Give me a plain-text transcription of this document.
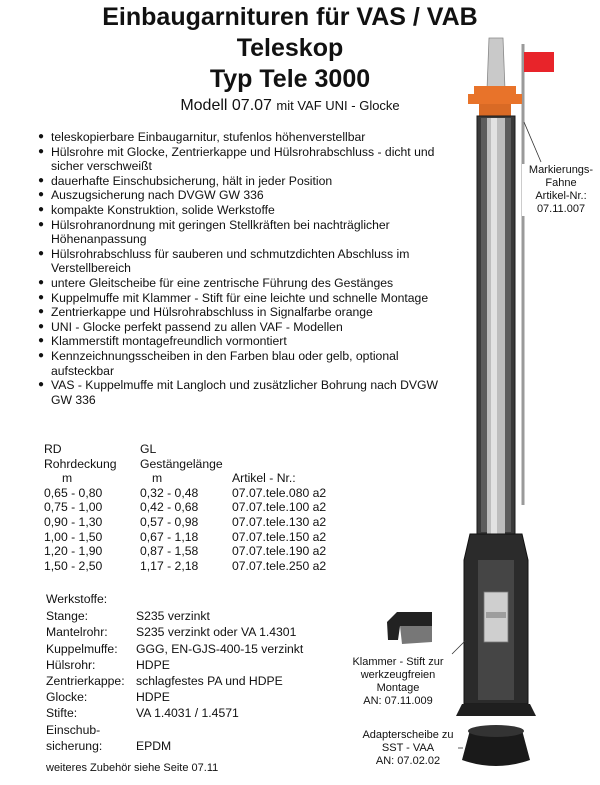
Einbaugarnituren für VAS / VAB
Teleskop
Typ Tele 3000
Modell 07.07 mit VAF UNI - Glocke
● teleskopierbare Einbaugarnitur, stufenlos höhenverstellbar
● Hülsrohre mit Glocke, Zentrierkappe und Hülsrohrabschluss - dicht und sicher verschweißt
● dauerhafte Einschubsicherung, hält in jeder Position
● Auszugsicherung nach DVGW GW 336
● kompakte Konstruktion, solide Werkstoffe
● Hülsrohranordnung mit geringen Stellkräften bei nachträglicher Höhenanpassung
● Hülsrohrabschluss für sauberen und schmutzdichten Abschluss im Verstellbereich
● untere Gleitscheibe für eine zentrische Führung des Gestänges
● Kuppelmuffe mit Klammer - Stift für eine leichte und schnelle Montage
● Zentrierkappe und Hülsrohrabschluss in Signalfarbe orange
● UNI - Glocke perfekt passend zu allen VAF - Modellen
● Klammerstift montagefreundlich vormontiert
● Kennzeichnungsscheiben in den Farben blau oder gelb, optional aufsteckbar
● VAS - Kuppelmuffe mit Langloch und zusätzlicher Bohrung nach DVGW GW 336
RD	GL
Rohrdeckung	Gestängelänge
m	m	Artikel - Nr.:
0,65 - 0,80	0,32 - 0,48	07.07.tele.080 a2
0,75 - 1,00	0,42 - 0,68	07.07.tele.100 a2
0,90 - 1,30	0,57 - 0,98	07.07.tele.130 a2
1,00 - 1,50	0,67 - 1,18	07.07.tele.150 a2
1,20 - 1,90	0,87 - 1,58	07.07.tele.190 a2
1,50 - 2,50	1,17 - 2,18	07.07.tele.250 a2
Werkstoffe:
Stange:	S235 verzinkt
Mantelrohr:	S235 verzinkt oder VA 1.4301
Kuppelmuffe:	GGG, EN-GJS-400-15 verzinkt
Hülsrohr:	HDPE
Zentrierkappe: schlagfestes PA und HDPE
Glocke:	HDPE
Stifte:	VA 1.4031 / 1.4571
Einschub-
sicherung:	EPDM
weiteres Zubehör siehe Seite 07.11
Markierungs-
Fahne
Artikel-Nr.:
07.11.007
Klammer - Stift zur
werkzeugfreien Montage
AN: 07.11.009
Adapterscheibe zu
SST - VAA
AN: 07.02.02
